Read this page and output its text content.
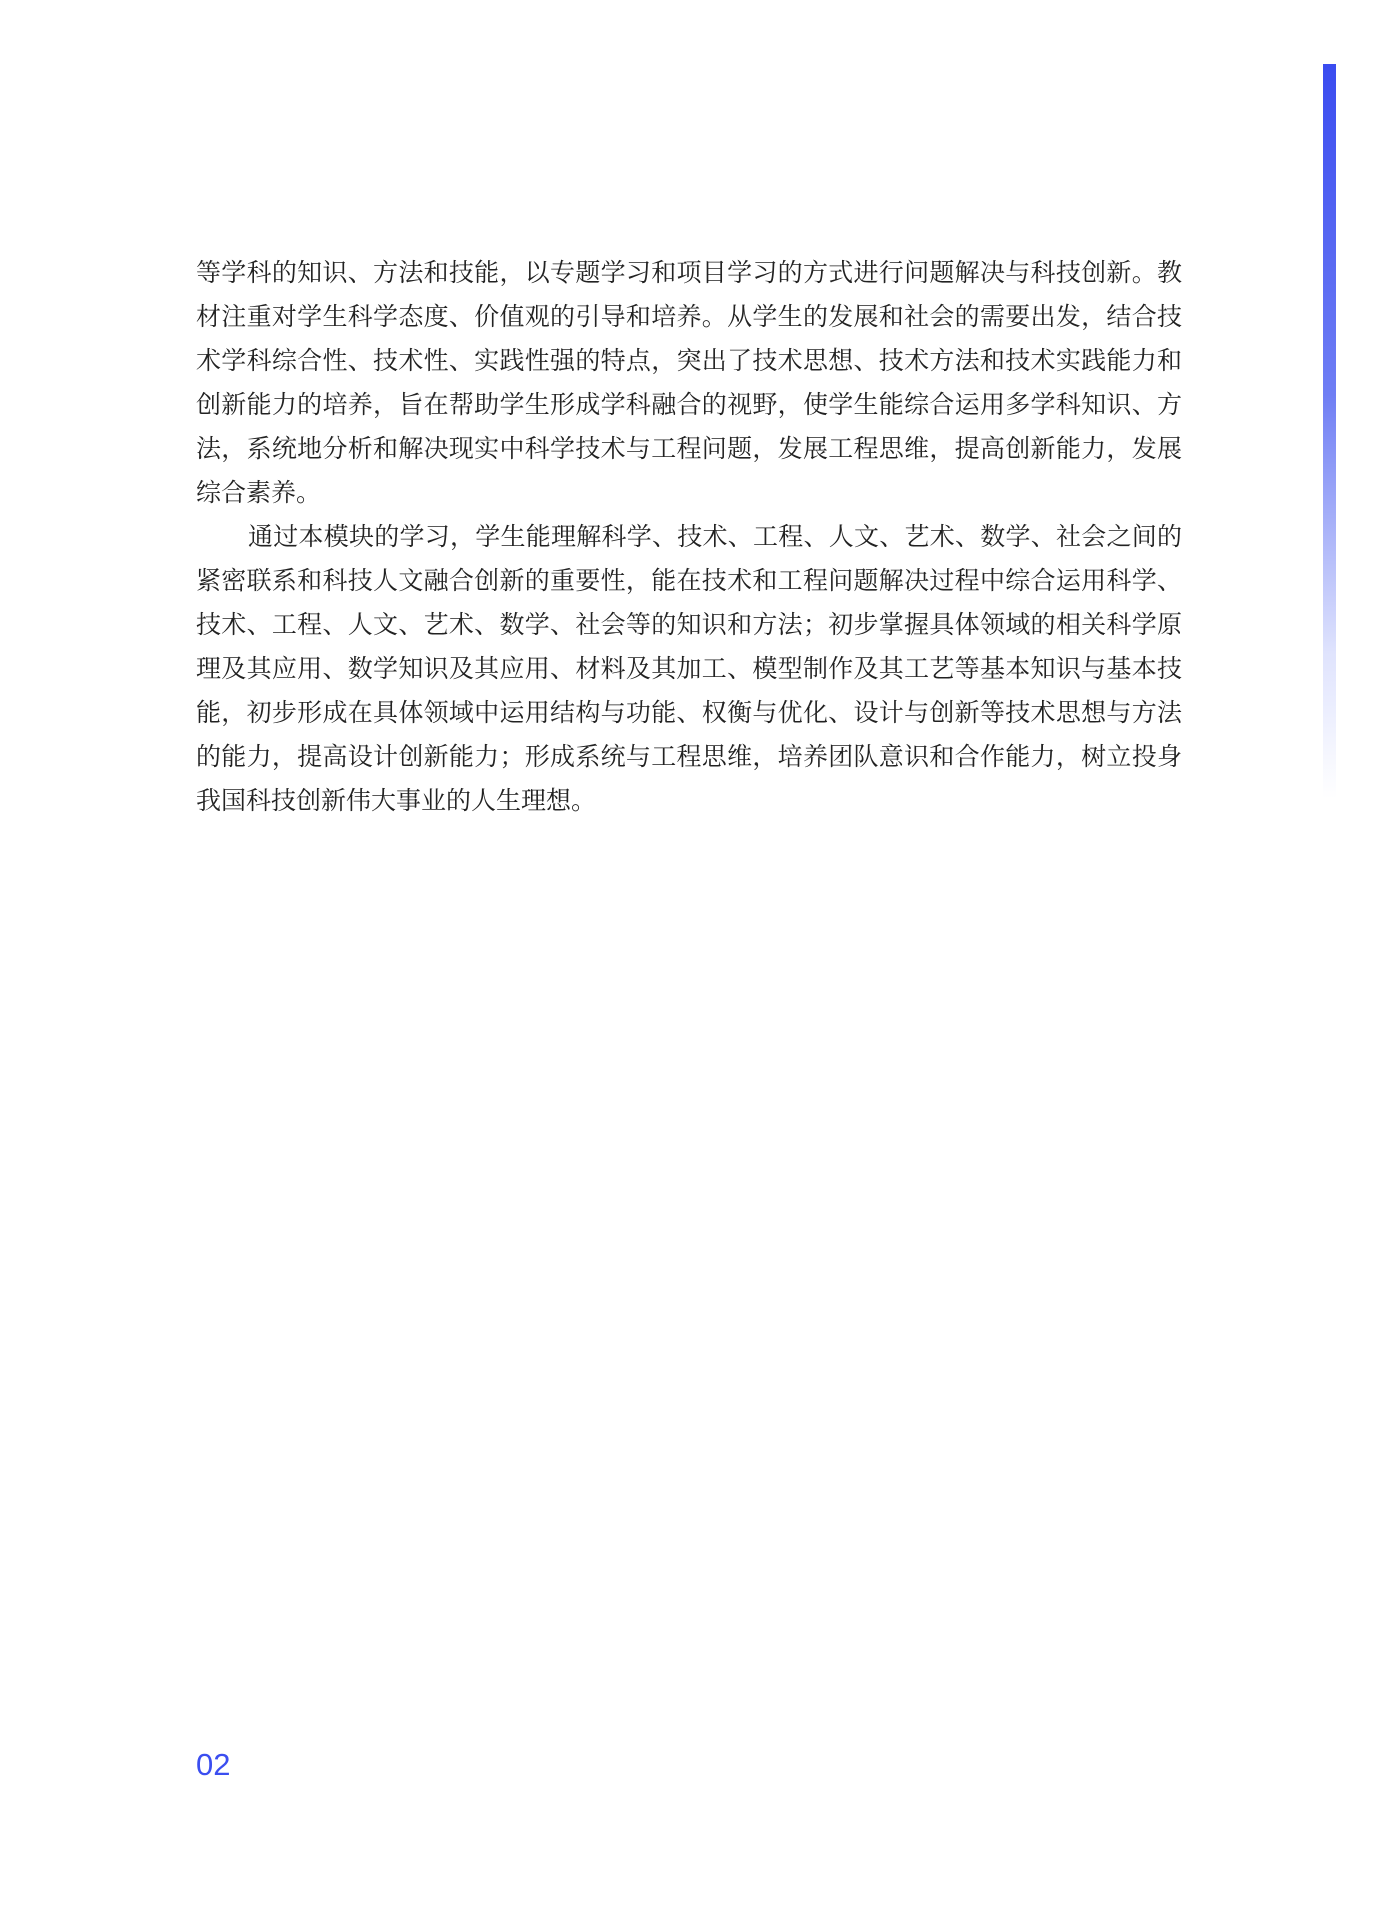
等学科的知识、方法和技能，以专题学习和项目学习的方式进行问题解决与科技创新。教
材注重对学生科学态度、价值观的引导和培养。从学生的发展和社会的需要出发，结合技
术学科综合性、技术性、实践性强的特点，突出了技术思想、技术方法和技术实践能力和
创新能力的培养，旨在帮助学生形成学科融合的视野，使学生能综合运用多学科知识、方
法，系统地分析和解决现实中科学技术与工程问题，发展工程思维，提高创新能力，发展
综合素养。
通过本模块的学习，学生能理解科学、技术、工程、人文、艺术、数学、社会之间的
紧密联系和科技人文融合创新的重要性，能在技术和工程问题解决过程中综合运用科学、
技术、工程、人文、艺术、数学、社会等的知识和方法；初步掌握具体领域的相关科学原
理及其应用、数学知识及其应用、材料及其加工、模型制作及其工艺等基本知识与基本技
能，初步形成在具体领域中运用结构与功能、权衡与优化、设计与创新等技术思想与方法
的能力，提高设计创新能力；形成系统与工程思维，培养团队意识和合作能力，树立投身
我国科技创新伟大事业的人生理想。
02
